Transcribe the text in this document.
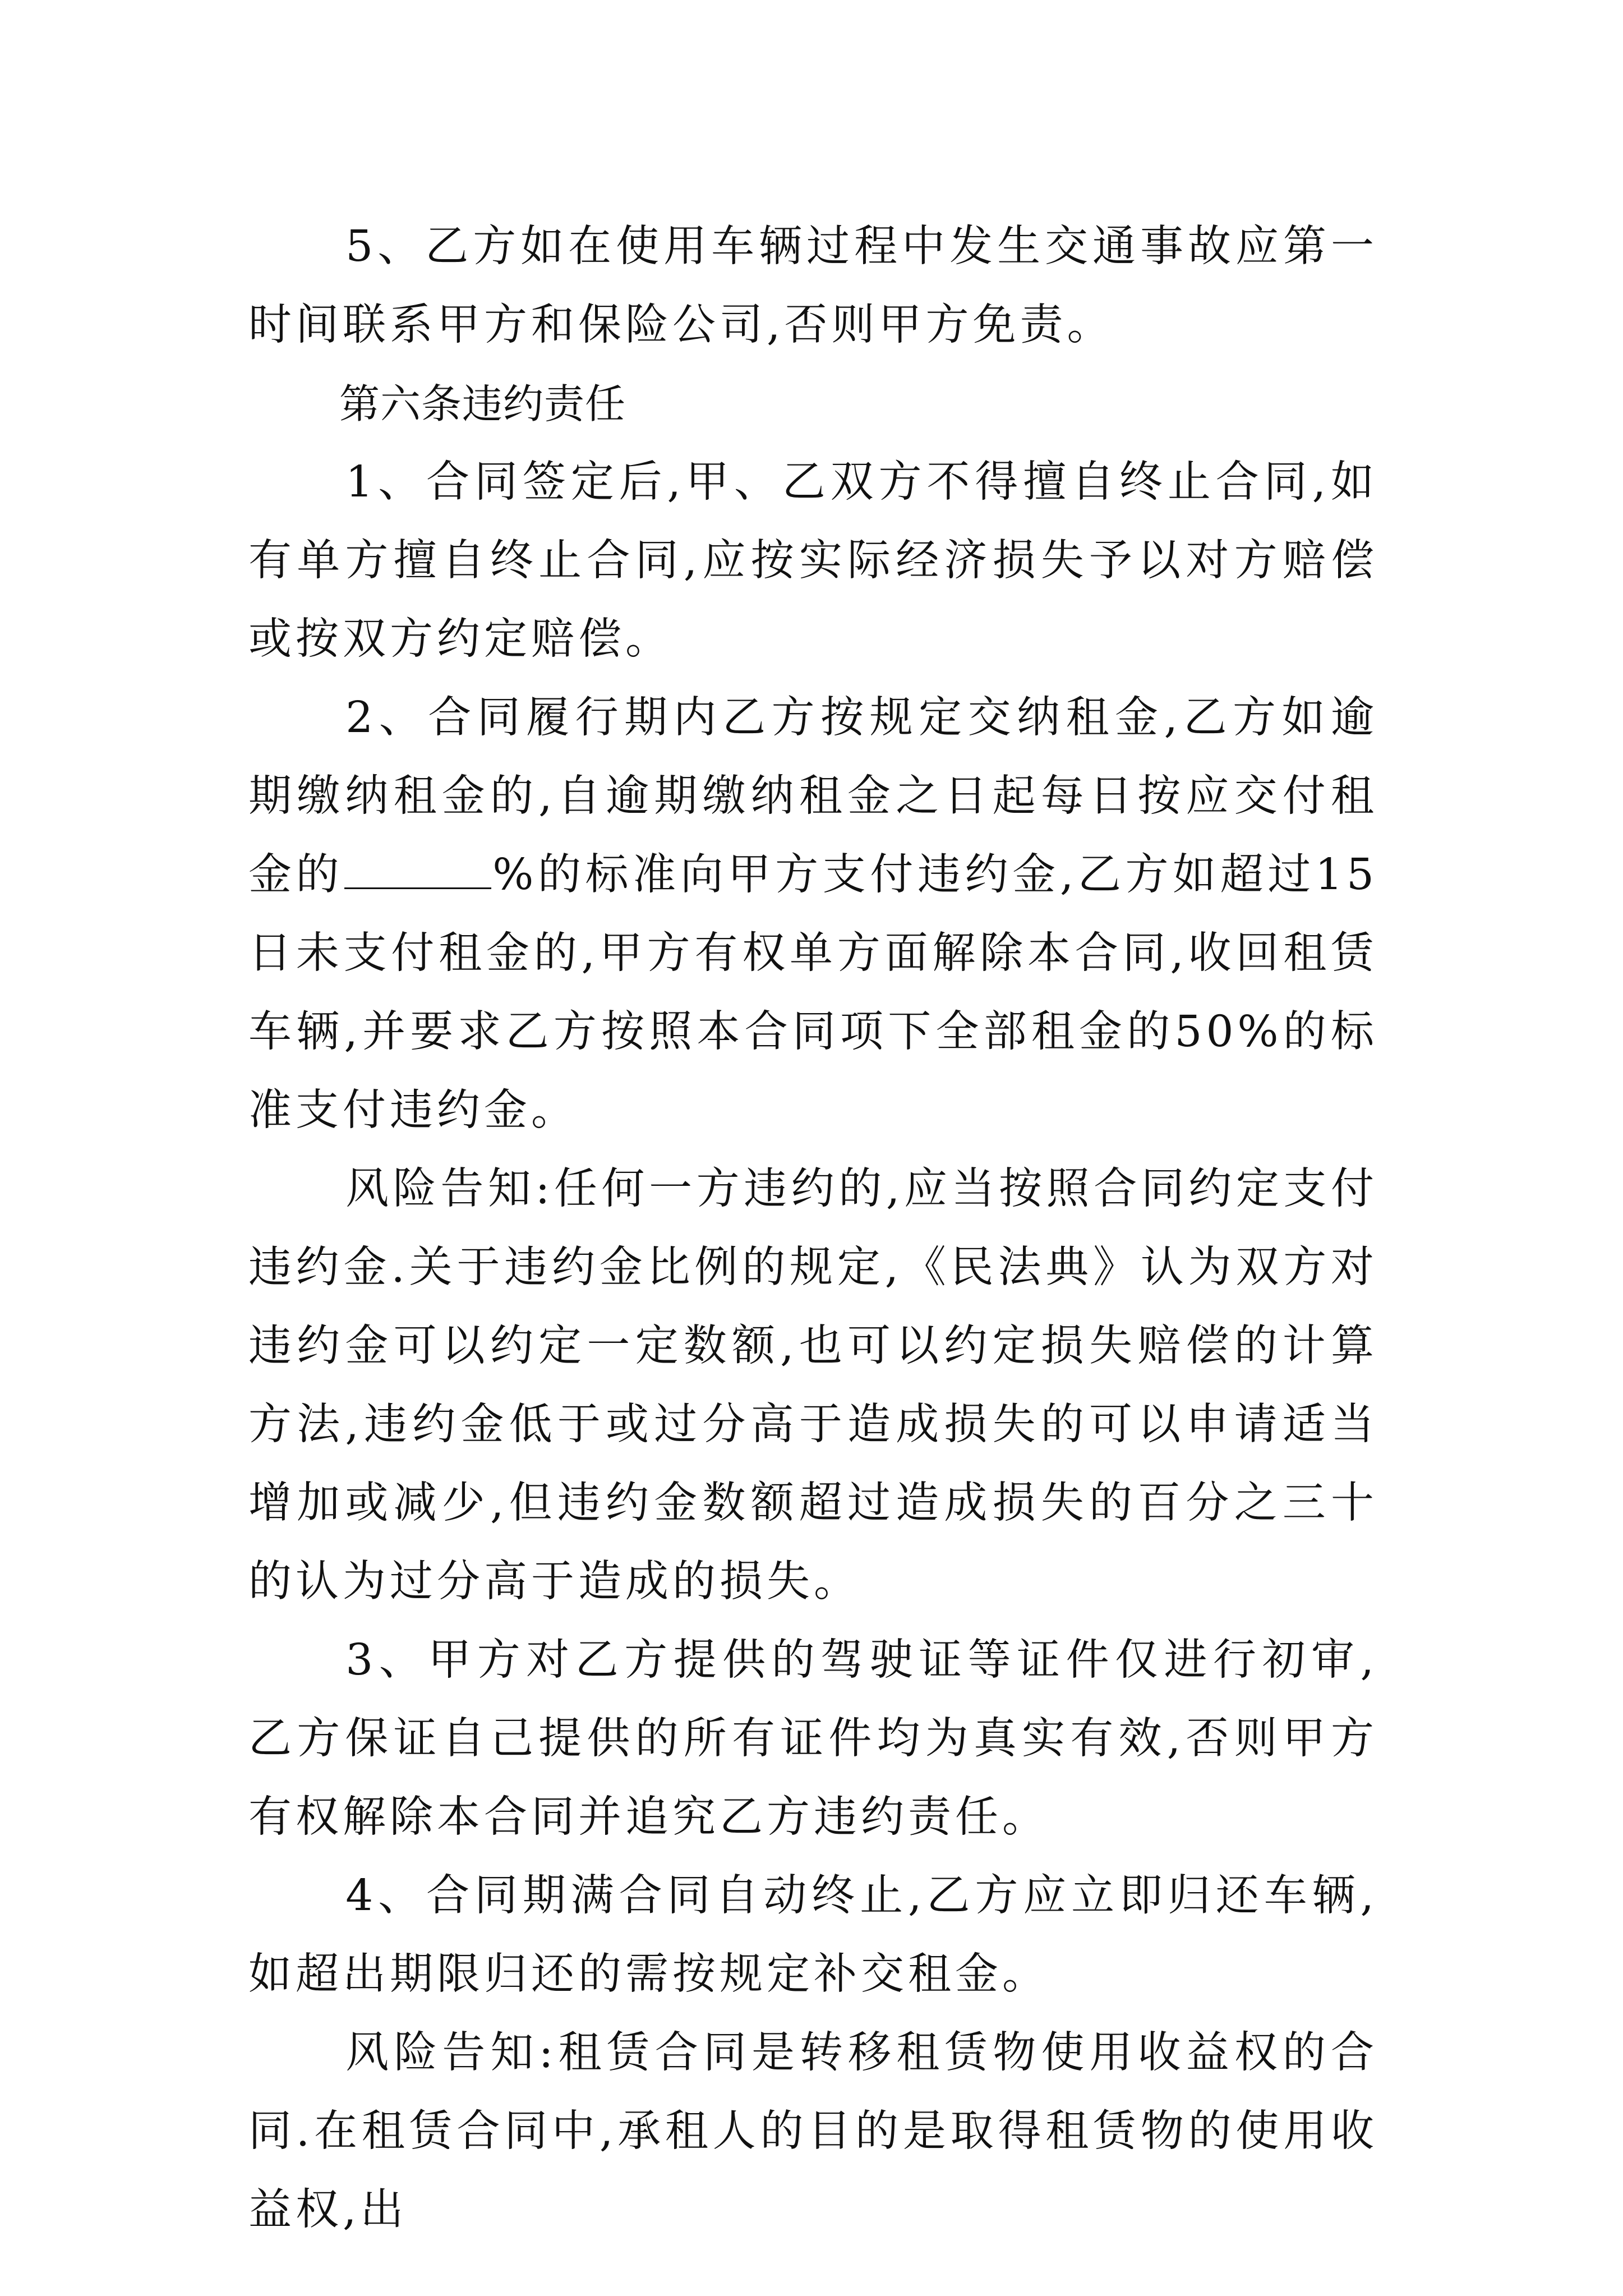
5、乙方如在使用车辆过程中发生交通事故应第一时间联系甲方和保险公司,否则甲方免责。

第六条违约责任

1、合同签定后,甲、乙双方不得擅自终止合同,如有单方擅自终止合同,应按实际经济损失予以对方赔偿或按双方约定赔偿。

2、合同履行期内乙方按规定交纳租金,乙方如逾期缴纳租金的,自逾期缴纳租金之日起每日按应交付租金的	%的标准向甲方支付违约金,乙方如超过15日未支付租金的,甲方有权单方面解除本合同,收回租赁车辆,并要求乙方按照本合同项下全部租金的50%的标准支付违约金。

风险告知:任何一方违约的,应当按照合同约定支付违约金.关于违约金比例的规定,《民法典》认为双方对违约金可以约定一定数额,也可以约定损失赔偿的计算方法,违约金低于或过分高于造成损失的可以申请适当增加或减少,但违约金数额超过造成损失的百分之三十的认为过分高于造成的损失。

3、甲方对乙方提供的驾驶证等证件仅进行初审,乙方保证自己提供的所有证件均为真实有效,否则甲方有权解除本合同并追究乙方违约责任。

4、合同期满合同自动终止,乙方应立即归还车辆,如超出期限归还的需按规定补交租金。

风险告知:租赁合同是转移租赁物使用收益权的合同.在租赁合同中,承租人的目的是取得租赁物的使用收益权,出
